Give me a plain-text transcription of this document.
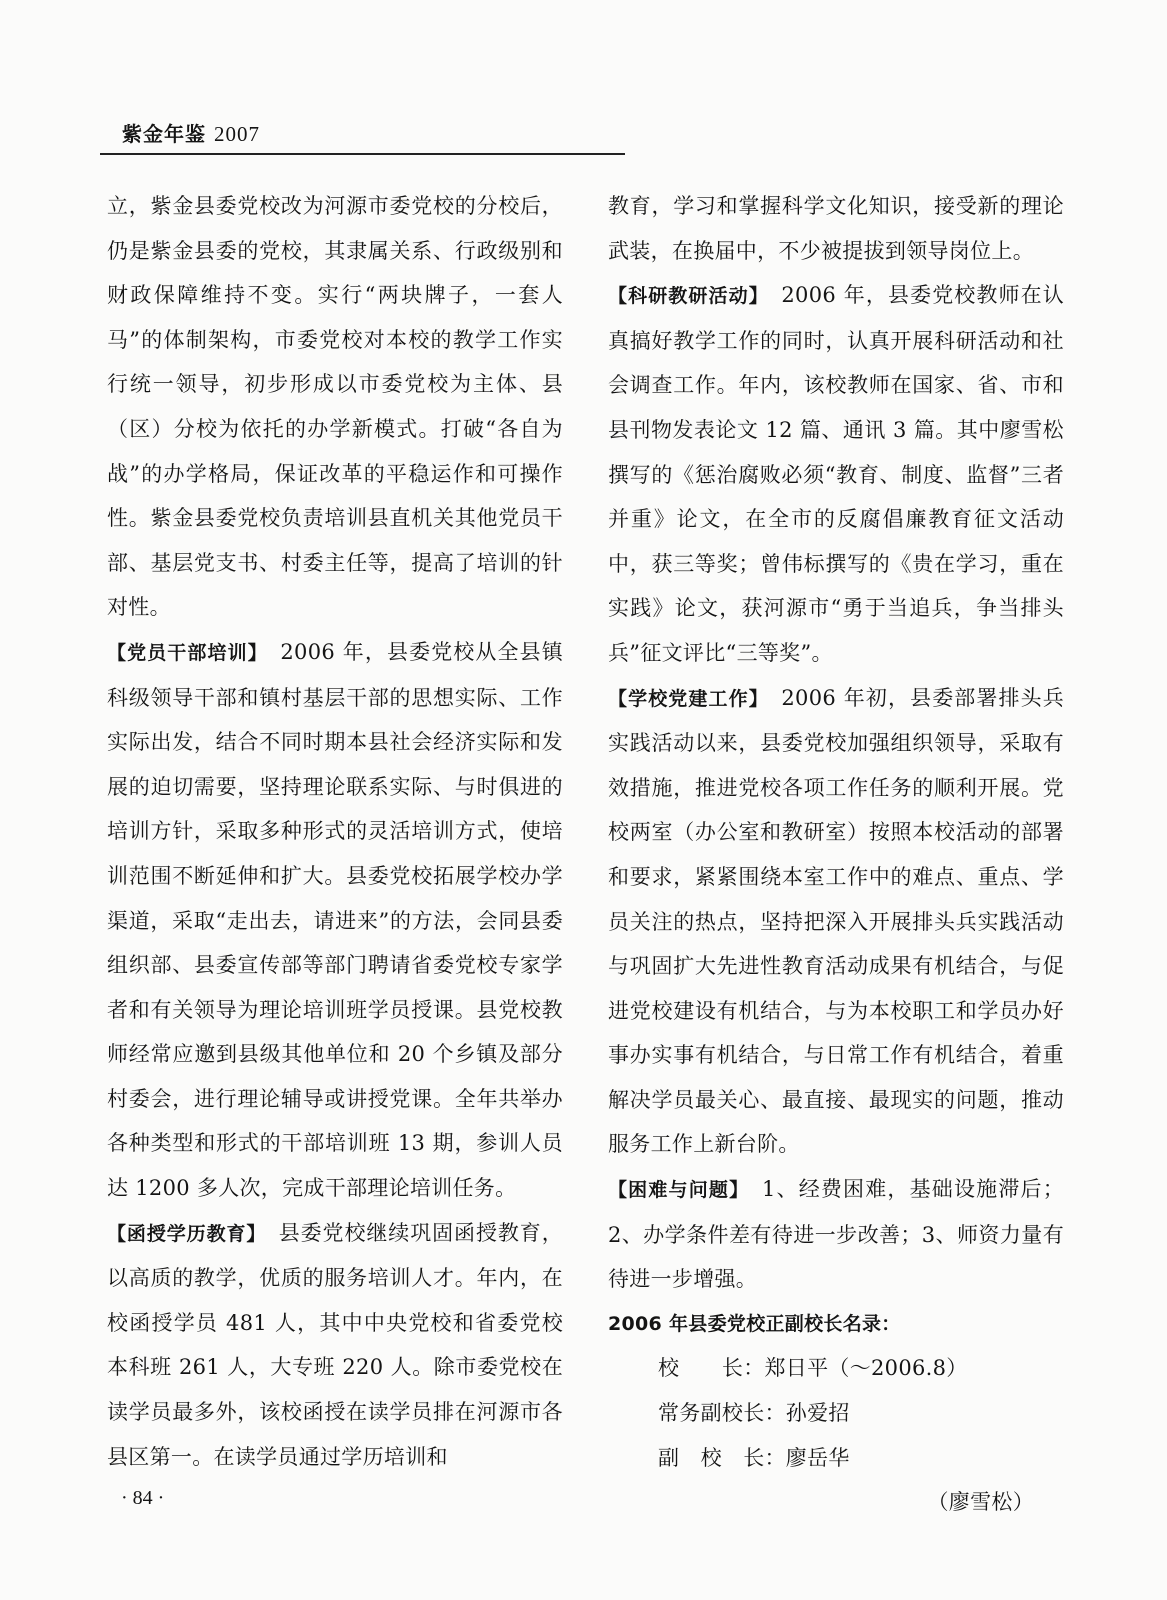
紫金年鉴 2007

立，紫金县委党校改为河源市委党校的分校后，仍是紫金县委的党校，其隶属关系、行政级别和财政保障维持不变。实行“两块牌子，一套人马”的体制架构，市委党校对本校的教学工作实行统一领导，初步形成以市委党校为主体、县（区）分校为依托的办学新模式。打破“各自为战”的办学格局，保证改革的平稳运作和可操作性。紫金县委党校负责培训县直机关其他党员干部、基层党支书、村委主任等，提高了培训的针对性。

【党员干部培训】　2006 年，县委党校从全县镇科级领导干部和镇村基层干部的思想实际、工作实际出发，结合不同时期本县社会经济实际和发展的迫切需要，坚持理论联系实际、与时俱进的培训方针，采取多种形式的灵活培训方式，使培训范围不断延伸和扩大。县委党校拓展学校办学渠道，采取“走出去，请进来”的方法，会同县委组织部、县委宣传部等部门聘请省委党校专家学者和有关领导为理论培训班学员授课。县党校教师经常应邀到县级其他单位和 20 个乡镇及部分村委会，进行理论辅导或讲授党课。全年共举办各种类型和形式的干部培训班 13 期，参训人员达 1200 多人次，完成干部理论培训任务。

【函授学历教育】　县委党校继续巩固函授教育，以高质的教学，优质的服务培训人才。年内，在校函授学员 481 人，其中中央党校和省委党校本科班 261 人，大专班 220 人。除市委党校在读学员最多外，该校函授在读学员排在河源市各县区第一。在读学员通过学历培训和

教育，学习和掌握科学文化知识，接受新的理论武装，在换届中，不少被提拔到领导岗位上。

【科研教研活动】　2006 年，县委党校教师在认真搞好教学工作的同时，认真开展科研活动和社会调查工作。年内，该校教师在国家、省、市和县刊物发表论文 12 篇、通讯 3 篇。其中廖雪松撰写的《惩治腐败必须“教育、制度、监督”三者并重》论文，在全市的反腐倡廉教育征文活动中，获三等奖；曾伟标撰写的《贵在学习，重在实践》论文，获河源市“勇于当追兵，争当排头兵”征文评比“三等奖”。

【学校党建工作】　2006 年初，县委部署排头兵实践活动以来，县委党校加强组织领导，采取有效措施，推进党校各项工作任务的顺利开展。党校两室（办公室和教研室）按照本校活动的部署和要求，紧紧围绕本室工作中的难点、重点、学员关注的热点，坚持把深入开展排头兵实践活动与巩固扩大先进性教育活动成果有机结合，与促进党校建设有机结合，与为本校职工和学员办好事办实事有机结合，与日常工作有机结合，着重解决学员最关心、最直接、最现实的问题，推动服务工作上新台阶。

【困难与问题】　1、经费困难，基础设施滞后；2、办学条件差有待进一步改善；3、师资力量有待进一步增强。

2006 年县委党校正副校长名录：

校　　长：郑日平（～2006.8）

常务副校长：孙爱招

副　校　长：廖岳华

（廖雪松）

· 84 ·
